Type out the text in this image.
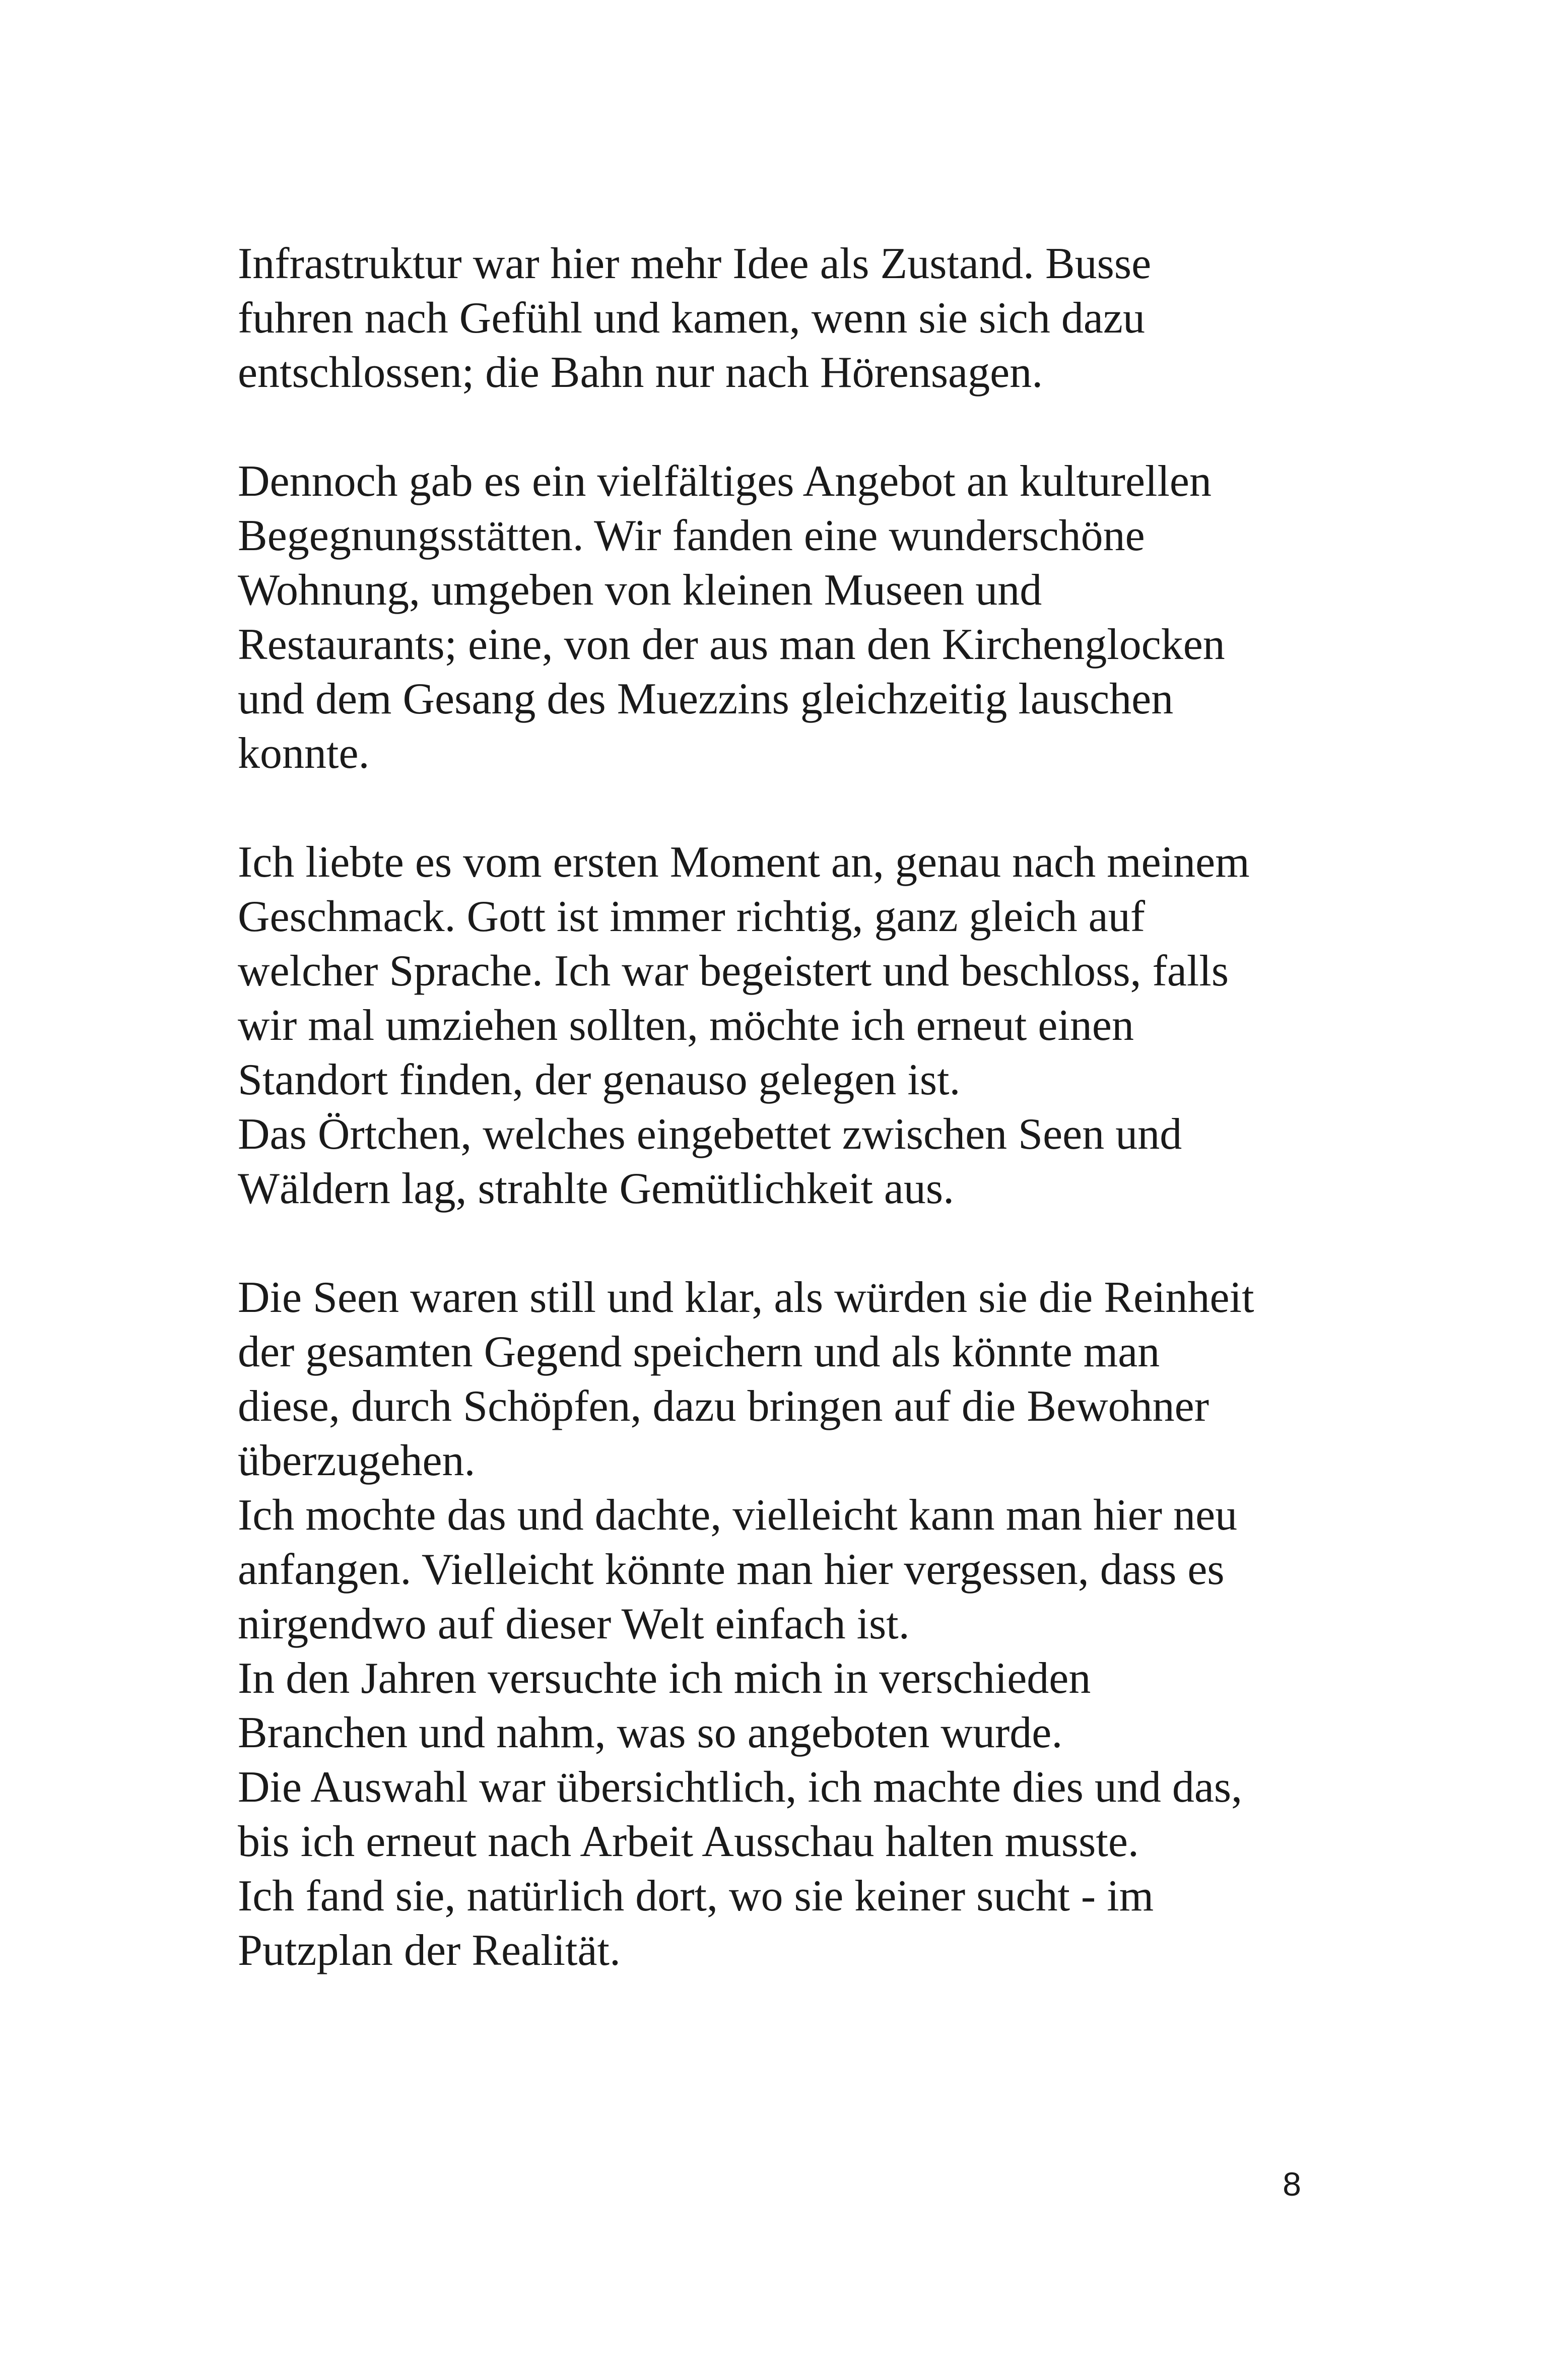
Infrastruktur war hier mehr Idee als Zustand. Busse
fuhren nach Gefühl und kamen, wenn sie sich dazu
entschlossen; die Bahn nur nach Hörensagen.

Dennoch gab es ein vielfältiges Angebot an kulturellen
Begegnungsstätten. Wir fanden eine wunderschöne
Wohnung, umgeben von kleinen Museen und
Restaurants; eine, von der aus man den Kirchenglocken
und dem Gesang des Muezzins gleichzeitig lauschen
konnte.

Ich liebte es vom ersten Moment an, genau nach meinem
Geschmack. Gott ist immer richtig, ganz gleich auf
welcher Sprache. Ich war begeistert und beschloss, falls
wir mal umziehen sollten, möchte ich erneut einen
Standort finden, der genauso gelegen ist.
Das Örtchen, welches eingebettet zwischen Seen und
Wäldern lag, strahlte Gemütlichkeit aus.

Die Seen waren still und klar, als würden sie die Reinheit
der gesamten Gegend speichern und als könnte man
diese, durch Schöpfen, dazu bringen auf die Bewohner
überzugehen.
Ich mochte das und dachte, vielleicht kann man hier neu
anfangen. Vielleicht könnte man hier vergessen, dass es
nirgendwo auf dieser Welt einfach ist.
In den Jahren versuchte ich mich in verschieden
Branchen und nahm, was so angeboten wurde.
Die Auswahl war übersichtlich, ich machte dies und das,
bis ich erneut nach Arbeit Ausschau halten musste.
Ich fand sie, natürlich dort, wo sie keiner sucht - im
Putzplan der Realität.

8
